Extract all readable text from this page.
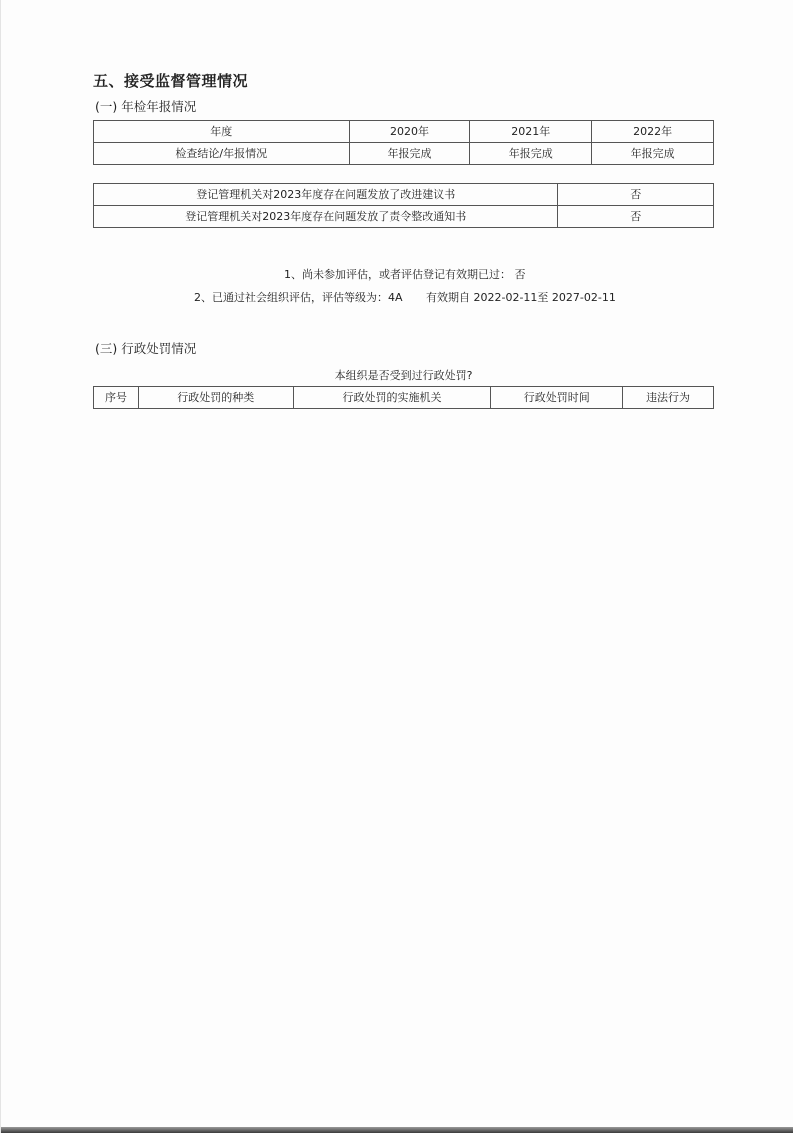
五、接受监督管理情况
(一) 年检年报情况
年度	2020年	2021年	2022年
检查结论/年报情况	年报完成	年报完成	年报完成
登记管理机关对2023年度存在问题发放了改进建议书	否
登记管理机关对2023年度存在问题发放了责令整改通知书	否
1、尚未参加评估，或者评估登记有效期已过： 否
2、已通过社会组织评估，评估等级为：4A 有效期自 2022-02-11至 2027-02-11
(三) 行政处罚情况
本组织是否受到过行政处罚?
序号	行政处罚的种类	行政处罚的实施机关	行政处罚时间	违法行为
